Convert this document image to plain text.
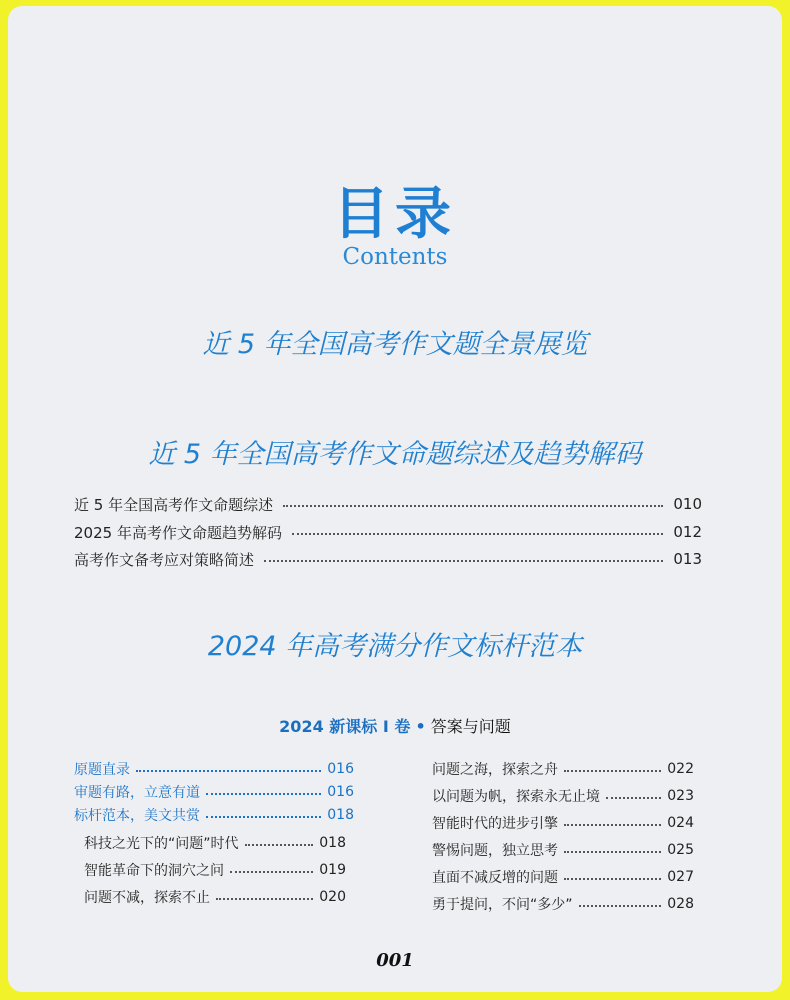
目录
Contents
近 5 年全国高考作文题全景展览
近 5 年全国高考作文命题综述及趋势解码
近 5 年全国高考作文命题综述	010
2025 年高考作文命题趋势解码	012
高考作文备考应对策略简述	013
2024 年高考满分作文标杆范本
2024 新课标 I 卷 • 答案与问题
原题直录	016
审题有路，立意有道	016
标杆范本，美文共赏	018
科技之光下的“问题”时代	018
智能革命下的洞穴之问	019
问题不减，探索不止	020
问题之海，探索之舟	022
以问题为帆，探索永无止境	023
智能时代的进步引擎	024
警惕问题，独立思考	025
直面不减反增的问题	027
勇于提问，不问“多少”	028
001
